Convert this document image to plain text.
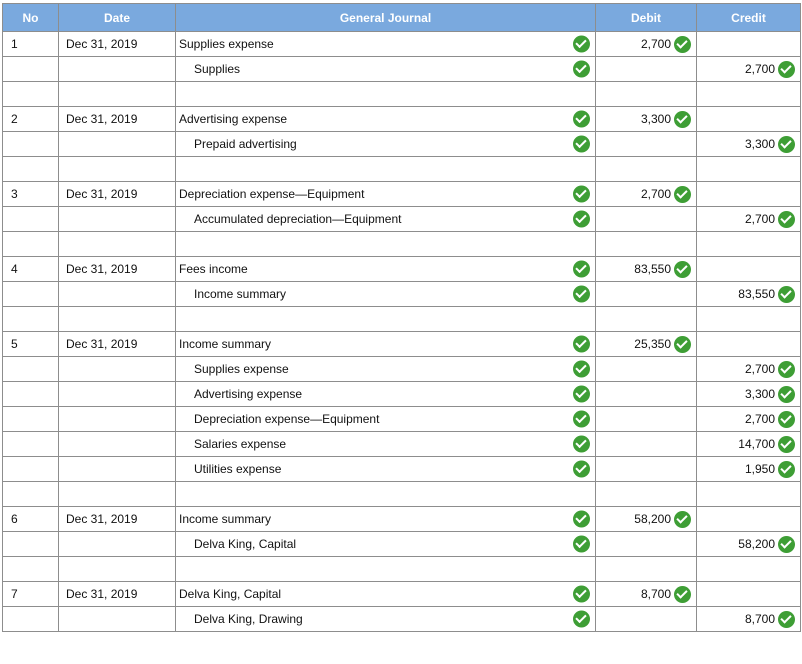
No	Date	General Journal	Debit	Credit
1	Dec 31, 2019	Supplies expense	2,700	

		Supplies		2,700

2	Dec 31, 2019	Advertising expense	3,300	

		Prepaid advertising		3,300

3	Dec 31, 2019	Depreciation expense—Equipment	2,700	

		Accumulated depreciation—Equipment		2,700

4	Dec 31, 2019	Fees income	83,550	

		Income summary		83,550

5	Dec 31, 2019	Income summary	25,350	

		Supplies expense		2,700

		Advertising expense		3,300

		Depreciation expense—Equipment		2,700

		Salaries expense		14,700

		Utilities expense		1,950

6	Dec 31, 2019	Income summary	58,200	

		Delva King, Capital		58,200

7	Dec 31, 2019	Delva King, Capital	8,700	

		Delva King, Drawing		8,700
